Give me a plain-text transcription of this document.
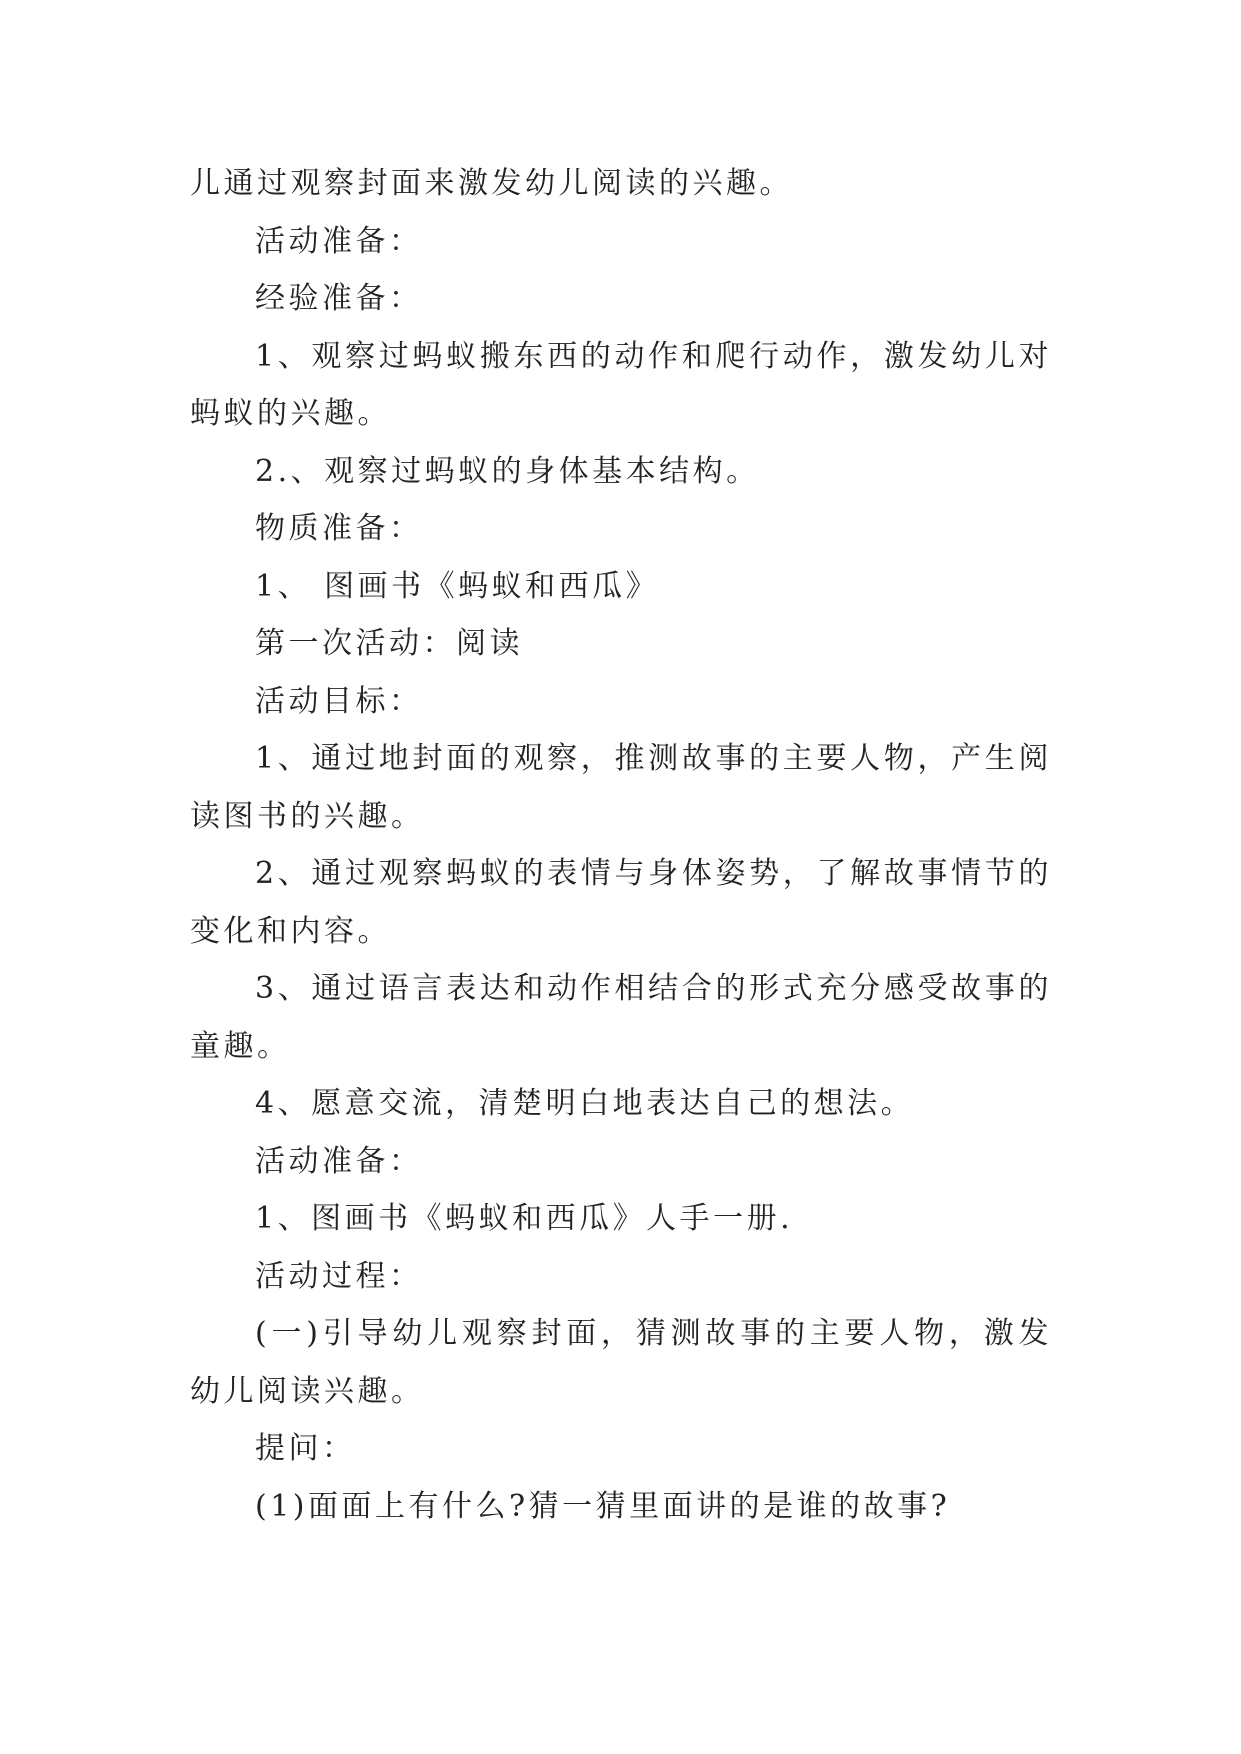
儿通过观察封面来激发幼儿阅读的兴趣。

活动准备：

经验准备：

1、观察过蚂蚁搬东西的动作和爬行动作，激发幼儿对蚂蚁的兴趣。

2.、观察过蚂蚁的身体基本结构。

物质准备：

1、 图画书《蚂蚁和西瓜》

第一次活动：阅读

活动目标：

1、通过地封面的观察，推测故事的主要人物，产生阅读图书的兴趣。

2、通过观察蚂蚁的表情与身体姿势，了解故事情节的变化和内容。

3、通过语言表达和动作相结合的形式充分感受故事的童趣。

4、愿意交流，清楚明白地表达自己的想法。

活动准备：

1、图画书《蚂蚁和西瓜》人手一册.

活动过程：

(一)引导幼儿观察封面，猜测故事的主要人物，激发幼儿阅读兴趣。

提问：

(1)面面上有什么?猜一猜里面讲的是谁的故事?
